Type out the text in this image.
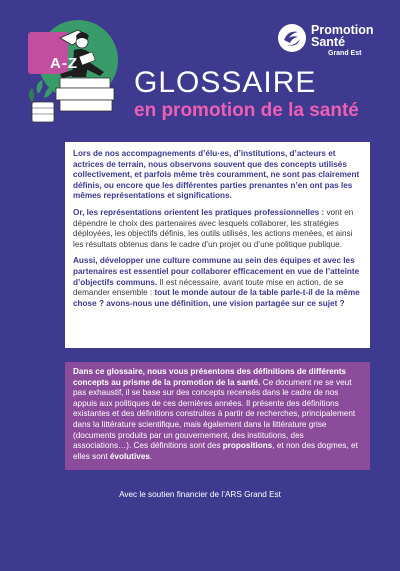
A-Z
Promotion
Santé
Grand Est
GLOSSAIRE
en promotion de la santé

Lors de nos accompagnements d’élu·es, d’institutions, d’acteurs et actrices de terrain, nous observons souvent que des concepts utilisés collectivement, et parfois même très couramment, ne sont pas clairement définis, ou encore que les différentes parties prenantes n’en ont pas les mêmes représentations et significations.

Or, les représentations orientent les pratiques professionnelles : vont en dépendre le choix des partenaires avec lesquels collaborer, les stratégies déployées, les objectifs définis, les outils utilisés, les actions menées, et ainsi les résultats obtenus dans le cadre d’un projet ou d’une politique publique.

Aussi, développer une culture commune au sein des équipes et avec les partenaires est essentiel pour collaborer efficacement en vue de l’atteinte d’objectifs communs. Il est nécessaire, avant toute mise en action, de se demander ensemble : tout le monde autour de la table parle-t-il de la même chose ? avons-nous une définition, une vision partagée sur ce sujet ?

Dans ce glossaire, nous vous présentons des définitions de différents concepts au prisme de la promotion de la santé. Ce document ne se veut pas exhaustif, il se base sur des concepts recensés dans le cadre de nos appuis aux politiques de ces dernières années. Il présente des définitions existantes et des définitions construites à partir de recherches, principalement dans la littérature scientifique, mais également dans la littérature grise (documents produits par un gouvernement, des institutions, des associations…). Ces définitions sont des propositions, et non des dogmes, et elles sont évolutives.

Avec le soutien financier de l’ARS Grand Est
